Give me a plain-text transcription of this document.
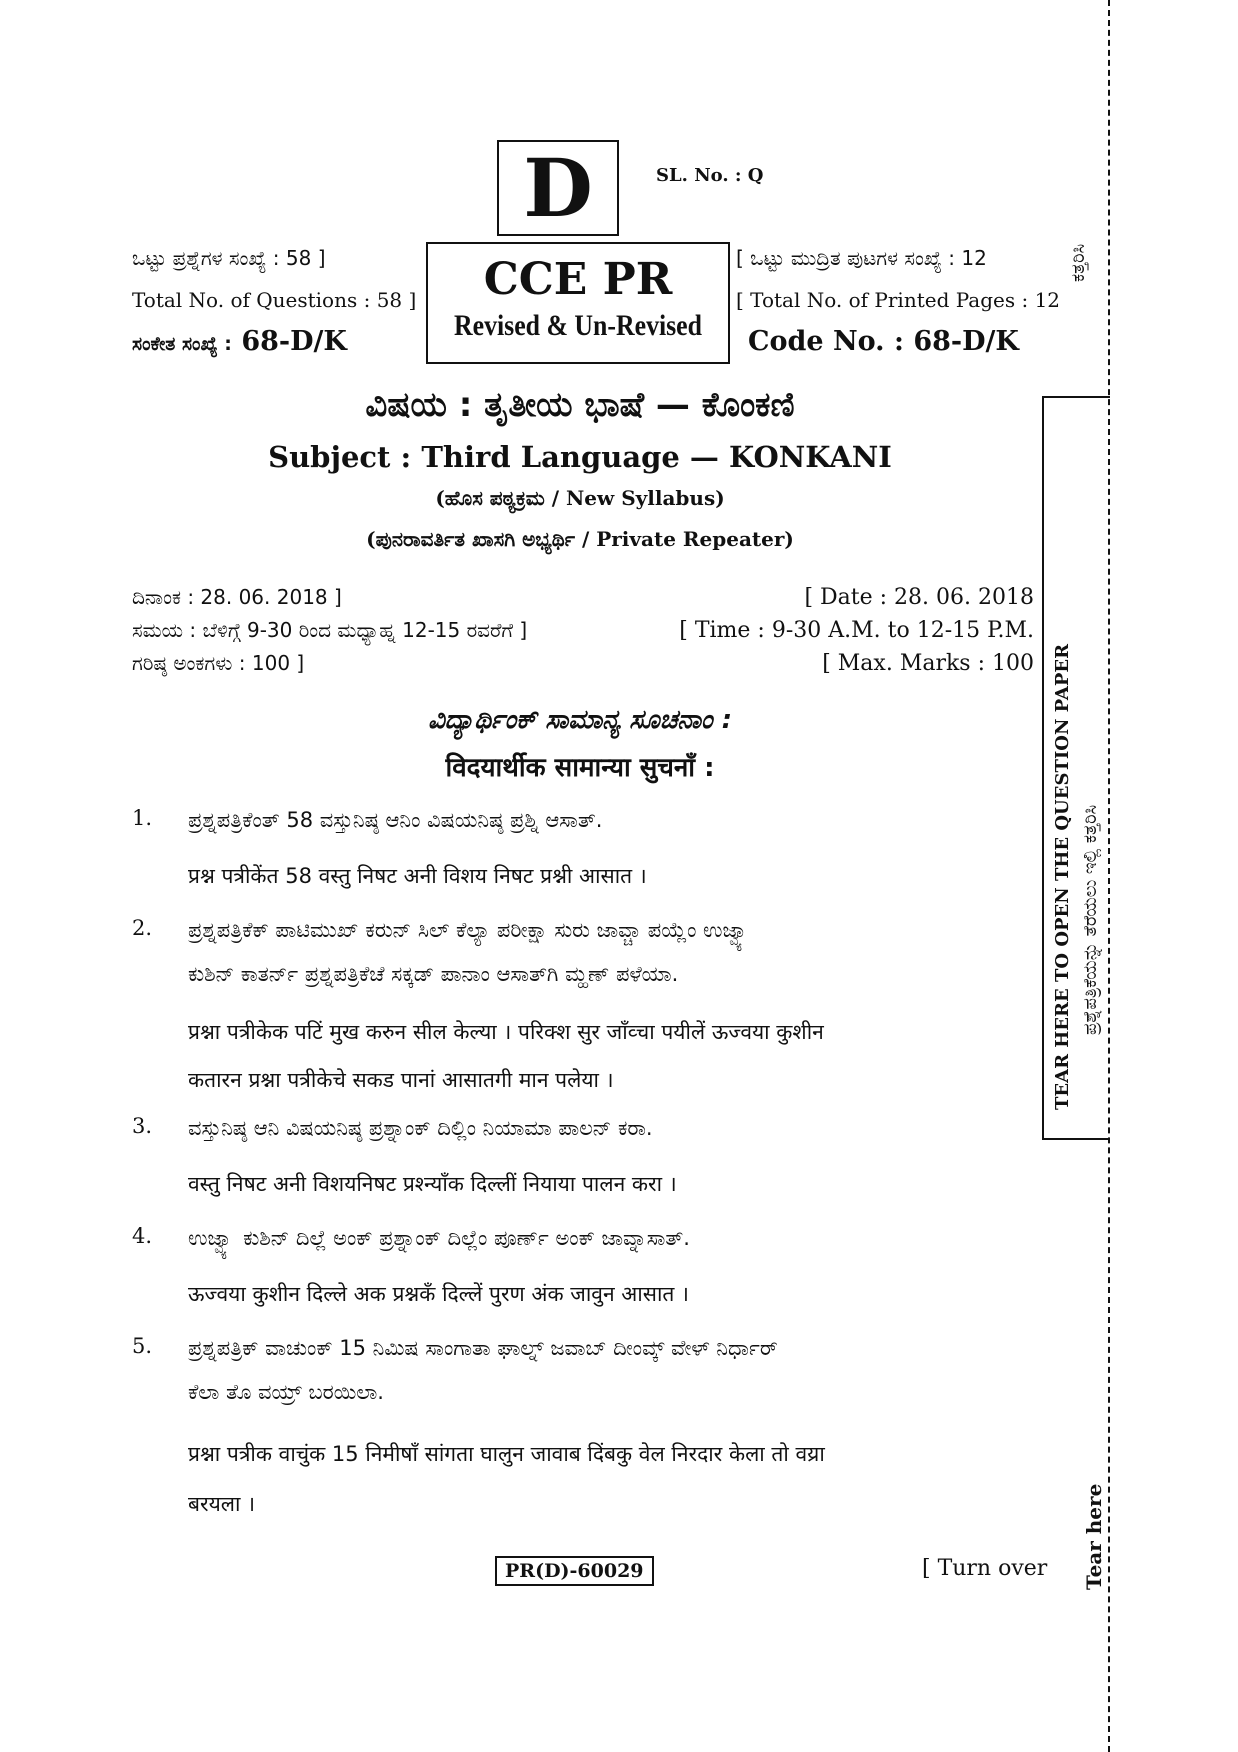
D	SL. No. : Q
ಒಟ್ಟು ಪ್ರಶ್ನೆಗಳ ಸಂಖ್ಯೆ : 58 ]
Total No. of Questions : 58 ]
ಸಂಕೇತ ಸಂಖ್ಯೆ : 68-D/K
CCE PR
Revised & Un-Revised
[ ಒಟ್ಟು ಮುದ್ರಿತ ಪುಟಗಳ ಸಂಖ್ಯೆ : 12
[ Total No. of Printed Pages : 12
Code No. : 68-D/K
ವಿಷಯ : ತೃತೀಯ ಭಾಷೆ — ಕೊಂಕಣಿ
Subject : Third Language — KONKANI
(ಹೊಸ ಪಠ್ಯಕ್ರಮ / New Syllabus)
(ಪುನರಾವರ್ತಿತ ಖಾಸಗಿ ಅಭ್ಯರ್ಥಿ / Private Repeater)
ದಿನಾಂಕ : 28. 06. 2018 ]
ಸಮಯ : ಬೆಳಿಗ್ಗೆ 9-30 ರಿಂದ ಮಧ್ಯಾಹ್ನ 12-15 ರವರೆಗೆ ]
ಗರಿಷ್ಠ ಅಂಕಗಳು : 100 ]
[ Date : 28. 06. 2018
[ Time : 9-30 A.M. to 12-15 P.M.
[ Max. Marks : 100
ವಿದ್ಯಾರ್ಥಿಂಕ್ ಸಾಮಾನ್ಯ ಸೂಚನಾಂ :
विदयार्थीक सामान्या सुचनाँ :
1. ಪ್ರಶ್ನಪತ್ರಿಕೆಂತ್ 58 ವಸ್ತುನಿಷ್ಠ ಆನಿಂ ವಿಷಯನಿಷ್ಠ ಪ್ರಶ್ನಿ ಆಸಾತ್.
प्रश्न पत्रीकेंत 58 वस्तु निषट अनी विशय निषट प्रश्नी आसात ।
2. ಪ್ರಶ್ನಪತ್ರಿಕೆಕ್ ಪಾಟಿಮುಖ್ ಕರುನ್ ಸಿಲ್ ಕೆಲ್ಯಾ ಪರೀಕ್ಷಾ ಸುರು ಜಾವ್ಚಾ ಪಯ್ಲೆಂ ಉಜ್ವ್ಯಾ
ಕುಶಿನ್ ಕಾತರ್ನ್ ಪ್ರಶ್ನಪತ್ರಿಕೆಚೆ ಸಕ್ಕಡ್ ಪಾನಾಂ ಆಸಾತ್‌ಗಿ ಮ್ಹಣ್ ಪಳೆಯಾ.
प्रश्ना पत्रीकेक पटिं मुख करुन सील केल्या । परिक्श सुर जाँव्चा पयीलें ऊज्वया कुशीन
कतारन प्रश्ना पत्रीकेचे सकड पानां आसातगी मान पलेया ।
3. ವಸ್ತುನಿಷ್ಠ ಆನಿ ವಿಷಯನಿಷ್ಠ ಪ್ರಶ್ನಾಂಕ್ ದಿಲ್ಲಿಂ ನಿಯಾಮಾ ಪಾಲನ್ ಕರಾ.
वस्तु निषट अनी विशयनिषट प्रश्न्याँक दिल्लीं नियाया पालन करा ।
4. ಉಜ್ವ್ಯಾ ಕುಶಿನ್ ದಿಲ್ಲೆ ಅಂಕ್ ಪ್ರಶ್ನಾಂಕ್ ದಿಲ್ಲೆಂ ಪೂರ್ಣ್ ಅಂಕ್ ಜಾವ್ನಾಸಾತ್.
ऊज्वया कुशीन दिल्ले अक प्रश्नकँ दिल्लें पुरण अंक जावुन आसात ।
5. ಪ್ರಶ್ನಪತ್ರಿಕ್ ವಾಚುಂಕ್ 15 ನಿಮಿಷ ಸಾಂಗಾತಾ ಘಾಲ್ನ್ ಜವಾಬ್ ದೀಂವ್ಕ್ ವೇಳ್ ನಿರ್ಧಾರ್
ಕೆಲಾ ತೊ ವಯ್ರ್ ಬರಯಿಲಾ.
प्रश्ना पत्रीक वाचुंक 15 निमीषाँ सांगता घालुन जावाब दिंबकु वेल निरदार केला तो वय्रा
बरयला ।
PR(D)-60029	[ Turn over
ಕತ್ತರಿಸಿ
TEAR HERE TO OPEN THE QUESTION PAPER ಪ್ರಶ್ನೆಪತ್ರಿಕೆಯನ್ನು ತೆರೆಯಲು ಇಲ್ಲಿ ಕತ್ತರಿಸಿ
Tear here
